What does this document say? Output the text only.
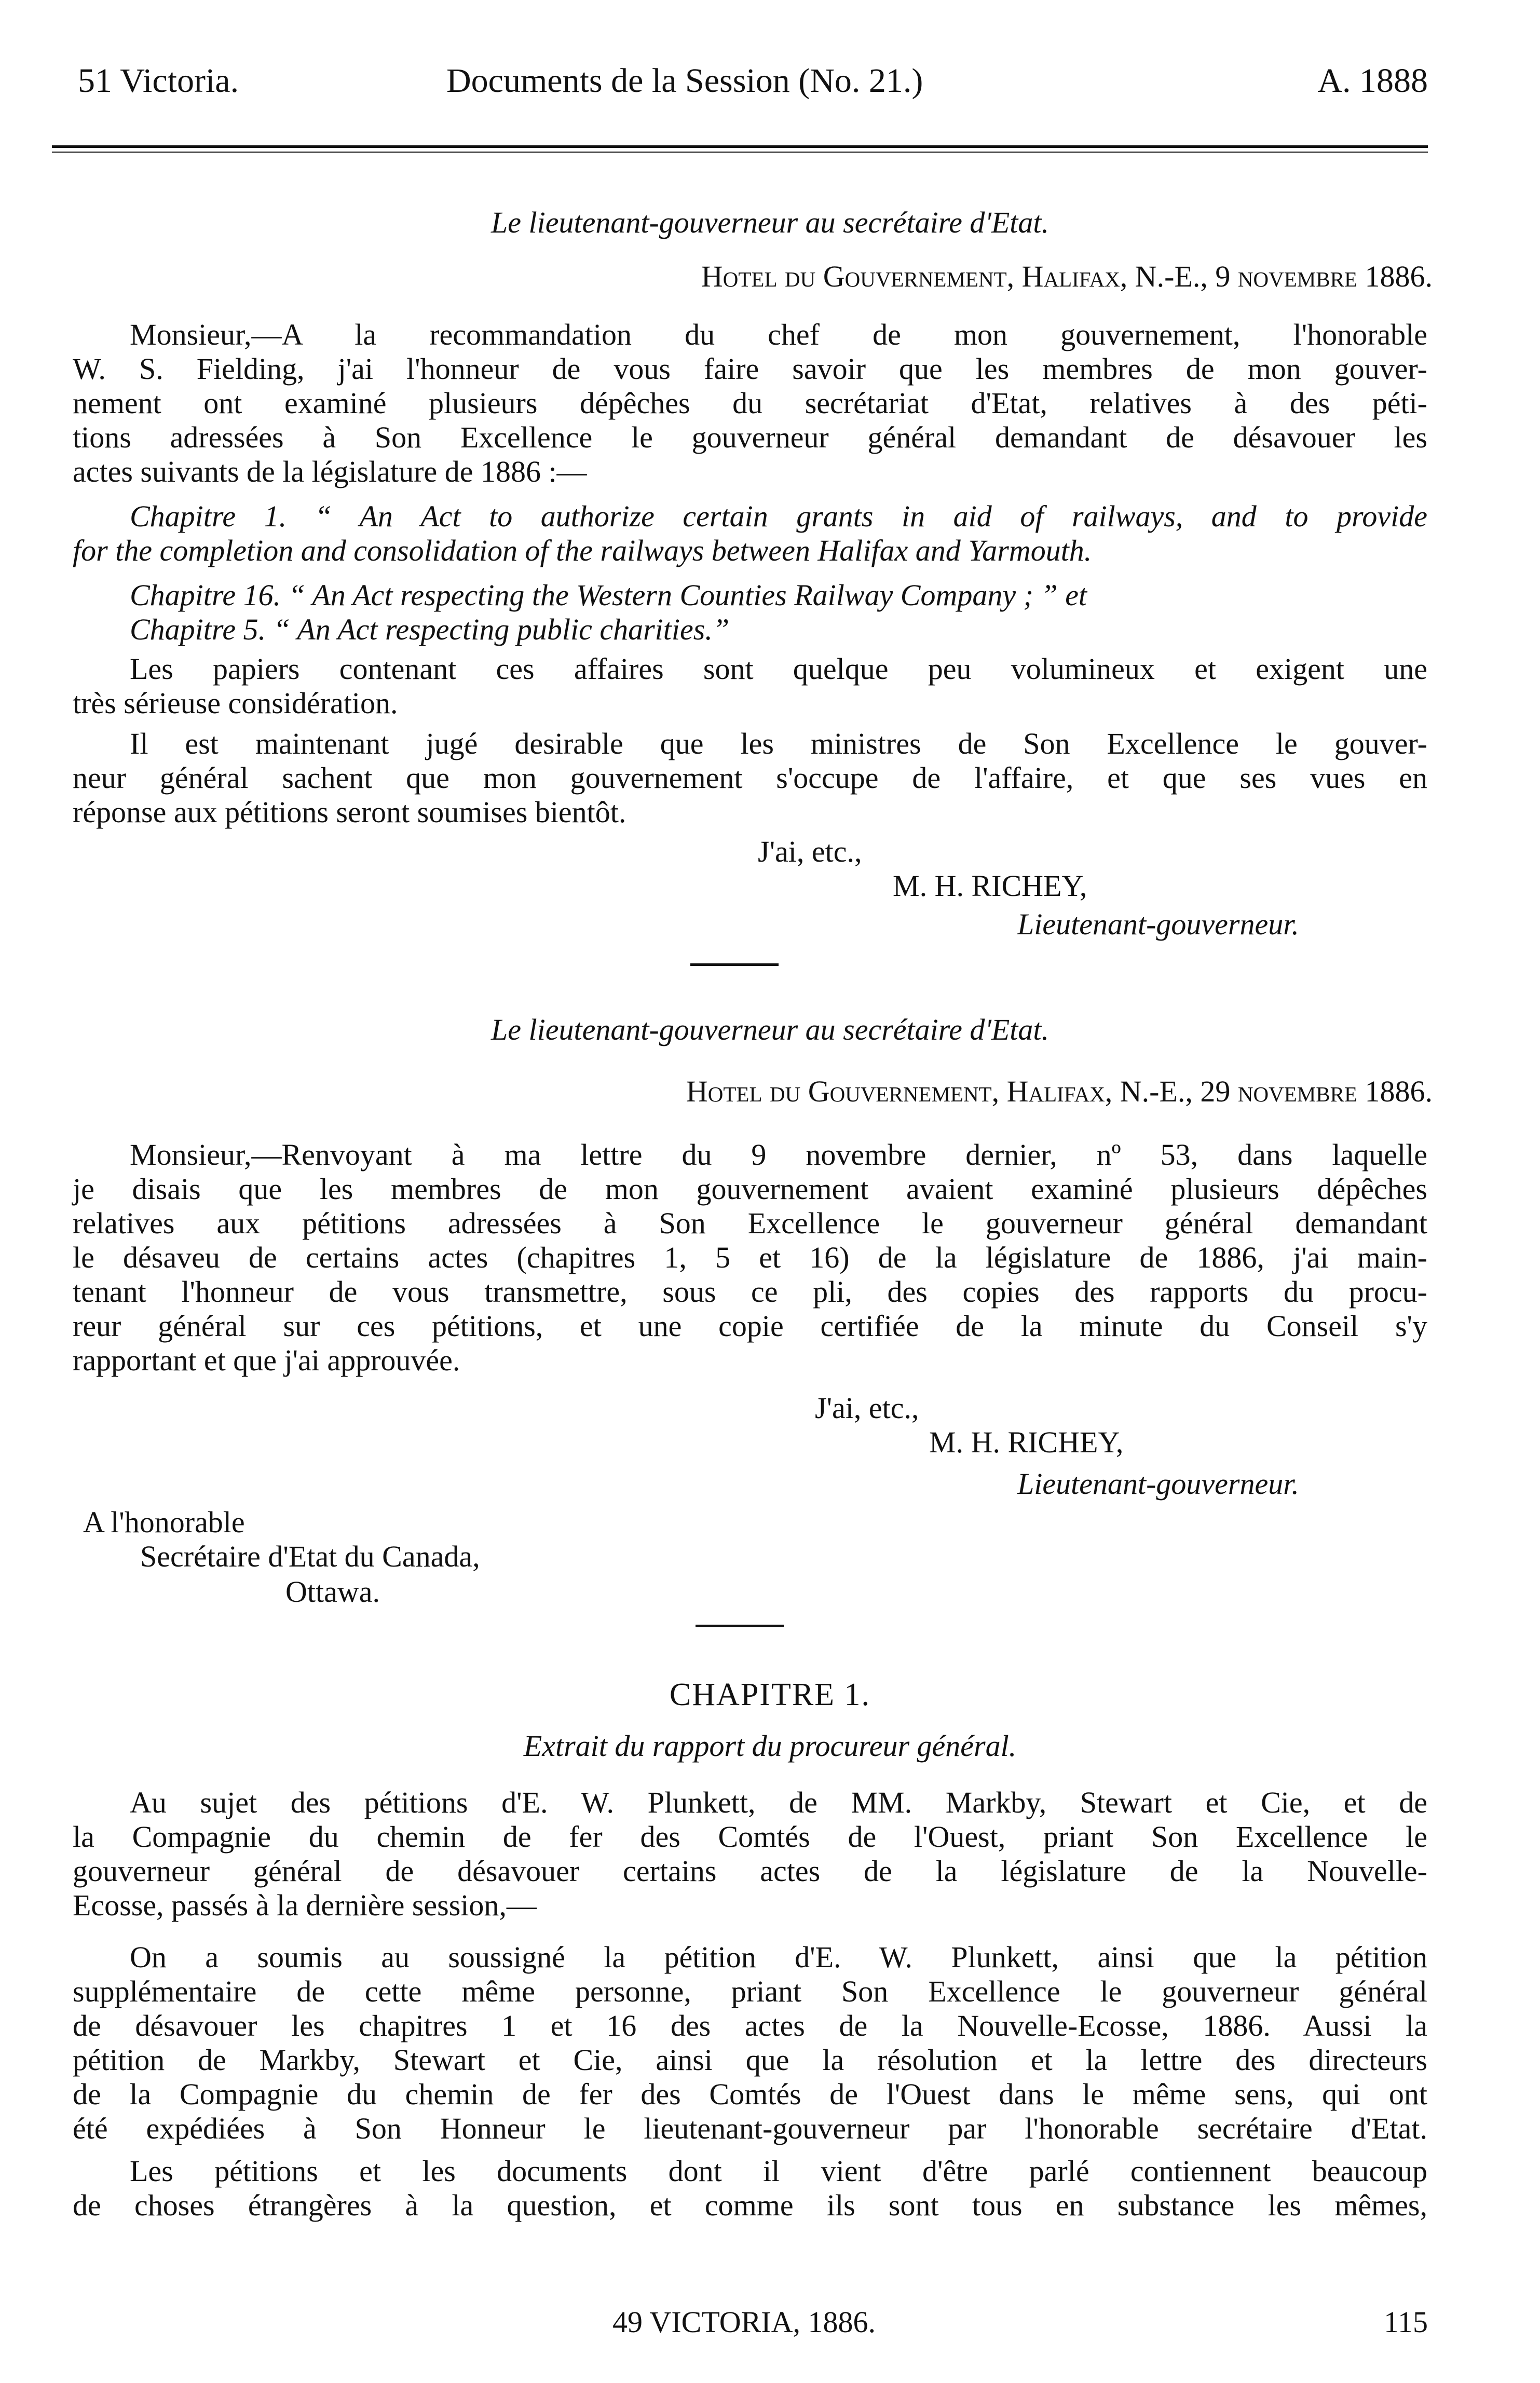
51 Victoria.	Documents de la Session (No. 21.)	A. 1888
Le lieutenant-gouverneur au secrétaire d'Etat.
Hotel du Gouvernement, Halifax, N.-E., 9 novembre 1886.
Monsieur,—A la recommandation du chef de mon gouvernement, l'honorable
W. S. Fielding, j'ai l'honneur de vous faire savoir que les membres de mon gouver-
nement ont examiné plusieurs dépêches du secrétariat d'Etat, relatives à des péti-
tions adressées à Son Excellence le gouverneur général demandant de désavouer les
actes suivants de la législature de 1886 :—
Chapitre 1. “ An Act to authorize certain grants in aid of railways, and to provide
for the completion and consolidation of the railways between Halifax and Yarmouth.
Chapitre 16. “ An Act respecting the Western Counties Railway Company ; ” et
Chapitre 5. “ An Act respecting public charities.”
Les papiers contenant ces affaires sont quelque peu volumineux et exigent une
très sérieuse considération.
Il est maintenant jugé desirable que les ministres de Son Excellence le gouver-
neur général sachent que mon gouvernement s'occupe de l'affaire, et que ses vues en
réponse aux pétitions seront soumises bientôt.
J'ai, etc.,
M. H. RICHEY,
Lieutenant-gouverneur.
Le lieutenant-gouverneur au secrétaire d'Etat.
Hotel du Gouvernement, Halifax, N.-E., 29 novembre 1886.
Monsieur,—Renvoyant à ma lettre du 9 novembre dernier, nº 53, dans laquelle
je disais que les membres de mon gouvernement avaient examiné plusieurs dépêches
relatives aux pétitions adressées à Son Excellence le gouverneur général demandant
le désaveu de certains actes (chapitres 1, 5 et 16) de la législature de 1886, j'ai main-
tenant l'honneur de vous transmettre, sous ce pli, des copies des rapports du procu-
reur général sur ces pétitions, et une copie certifiée de la minute du Conseil s'y
rapportant et que j'ai approuvée.
J'ai, etc.,
M. H. RICHEY,
Lieutenant-gouverneur.
A l'honorable
Secrétaire d'Etat du Canada,
Ottawa.
CHAPITRE 1.
Extrait du rapport du procureur général.
Au sujet des pétitions d'E. W. Plunkett, de MM. Markby, Stewart et Cie, et de
la Compagnie du chemin de fer des Comtés de l'Ouest, priant Son Excellence le
gouverneur général de désavouer certains actes de la législature de la Nouvelle-
Ecosse, passés à la dernière session,—
On a soumis au soussigné la pétition d'E. W. Plunkett, ainsi que la pétition
supplémentaire de cette même personne, priant Son Excellence le gouverneur général
de désavouer les chapitres 1 et 16 des actes de la Nouvelle-Ecosse, 1886. Aussi la
pétition de Markby, Stewart et Cie, ainsi que la résolution et la lettre des directeurs
de la Compagnie du chemin de fer des Comtés de l'Ouest dans le même sens, qui ont
été expédiées à Son Honneur le lieutenant-gouverneur par l'honorable secrétaire d'Etat.
Les pétitions et les documents dont il vient d'être parlé contiennent beaucoup
de choses étrangères à la question, et comme ils sont tous en substance les mêmes,
49 VICTORIA, 1886.	115
